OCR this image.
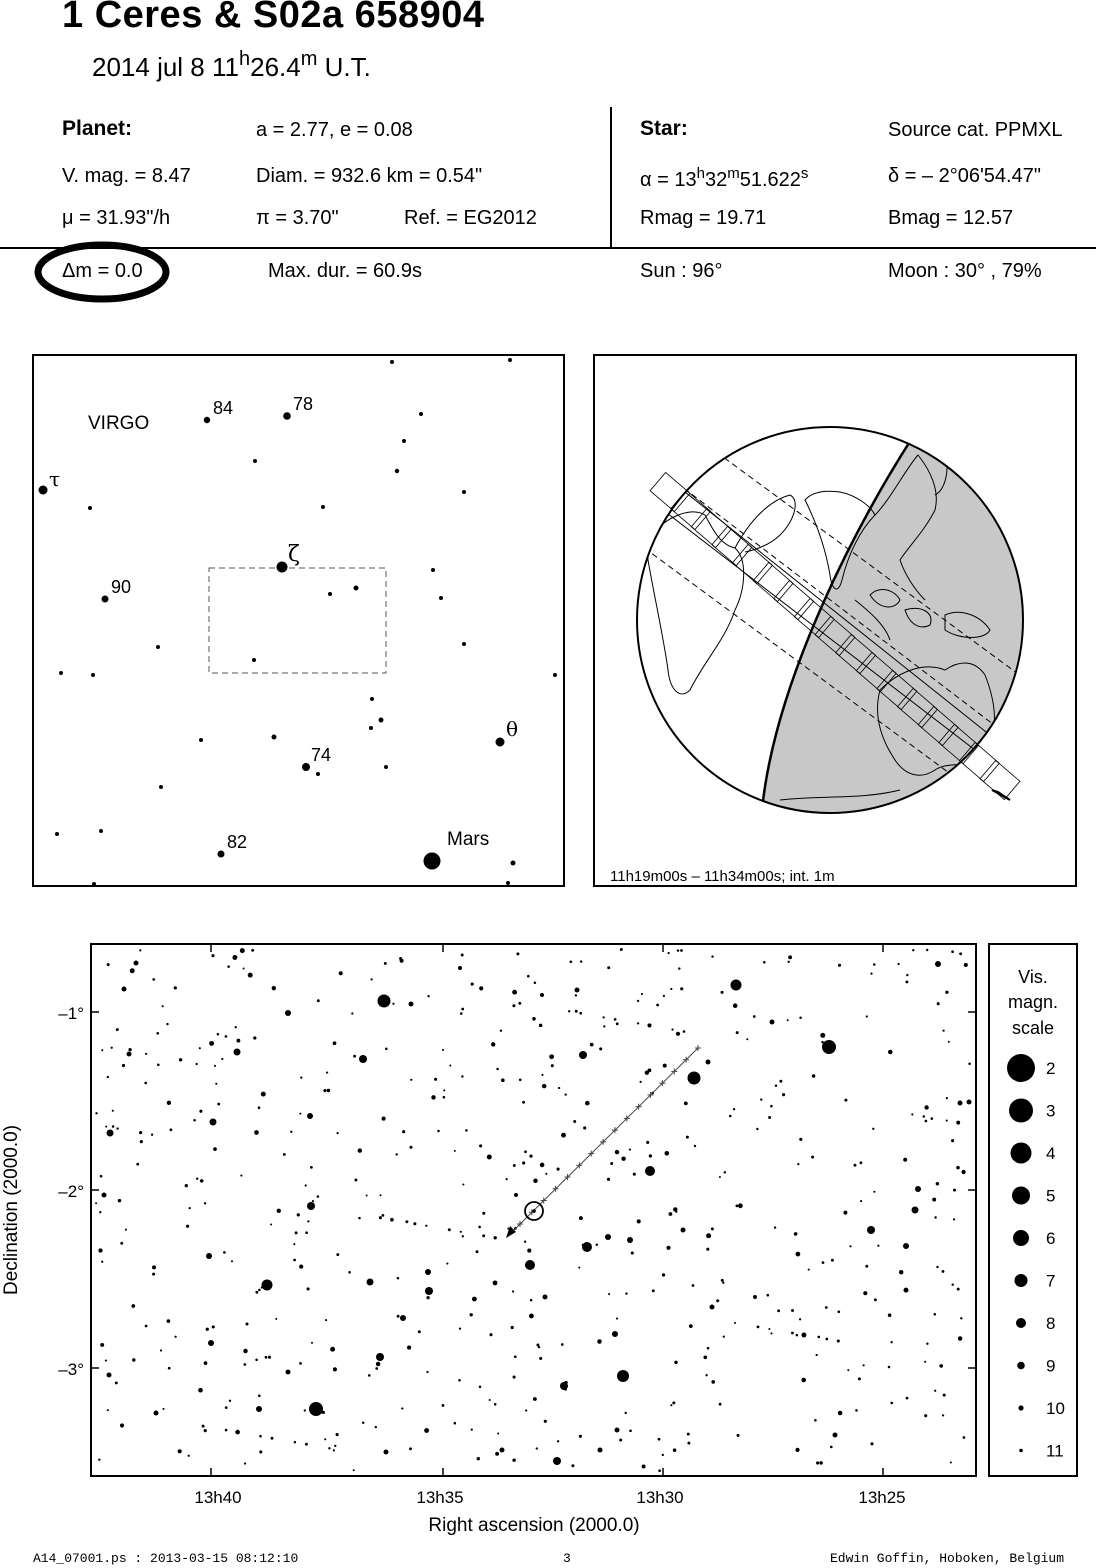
1 Ceres & S02a 658904
2014 jul 8 11$^h$26.4$^m$ U.T.
Planet:	a = 2.77, e = 0.08
V. mag. = 8.47	Diam. = 932.6 km = 0.54"
μ = 31.93"/h	π = 3.70"	Ref. = EG2012
Star:	Source cat. PPMXL
$\alpha = 13^h32^m51.622^s$	δ = – 2°06'54.47"
Rmag = 19.71	Bmag = 12.57
Δm = 0.0	Max. dur. = 60.9s	Sun : 96°	Moon : 30° , 79%
VIRGO
τ
84	78
ζ
90
θ
74
82	Mars
11h19m00s – 11h34m00s; int. 1m
13h40	13h35	13h30	13h25
–1°
–2°
–3°
Right ascension (2000.0)
Declination (2000.0)
Vis.
magn.
scale
2
3
4
5
6
7
8
9
10
11
A14_07001.ps : 2013-03-15 08:12:10	3	Edwin Goffin, Hoboken, Belgium
